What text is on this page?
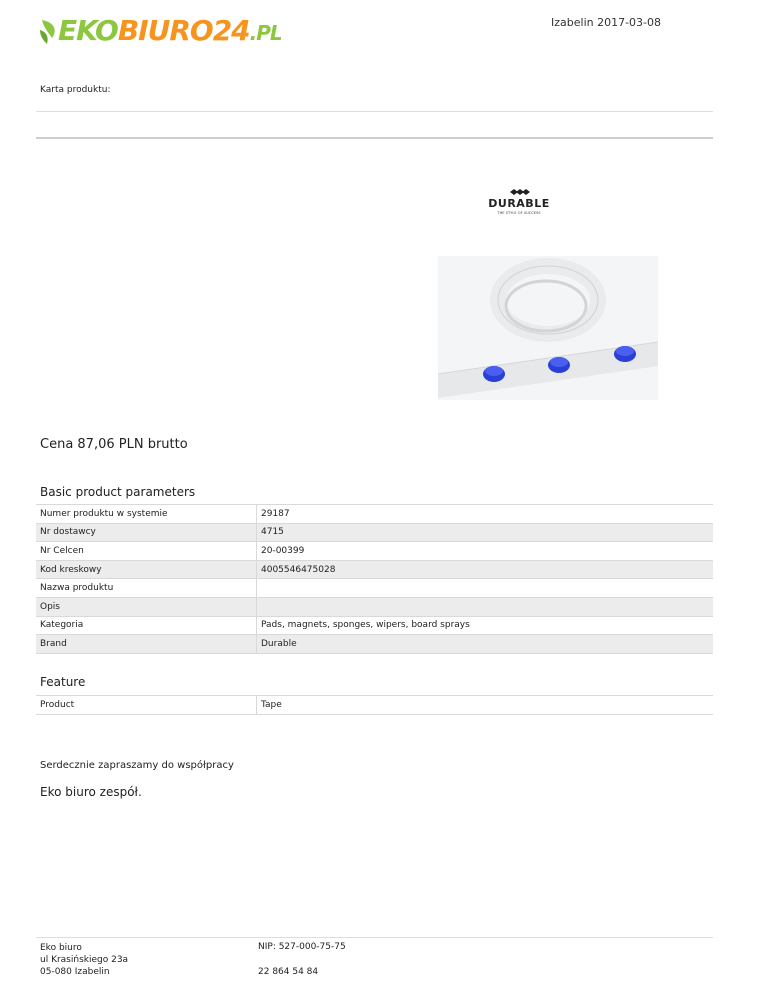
EKOBIURO24.PL	Izabelin 2017-03-08
Karta produktu:
DURABLE
THE STYLE OF SUCCESS
Cena 87,06 PLN brutto
Basic product parameters
Numer produktu w systemie	29187
Nr dostawcy	4715
Nr Celcen	20-00399
Kod kreskowy	4005546475028
Nazwa produktu	
Opis	
Kategoria	Pads, magnets, sponges, wipers, board sprays
Brand	Durable
Feature
Product	Tape
Serdecznie zapraszamy do współpracy
Eko biuro zespół.
Eko biuro
ul Krasińskiego 23a
05-080 Izabelin
NIP: 527-000-75-75
22 864 54 84
